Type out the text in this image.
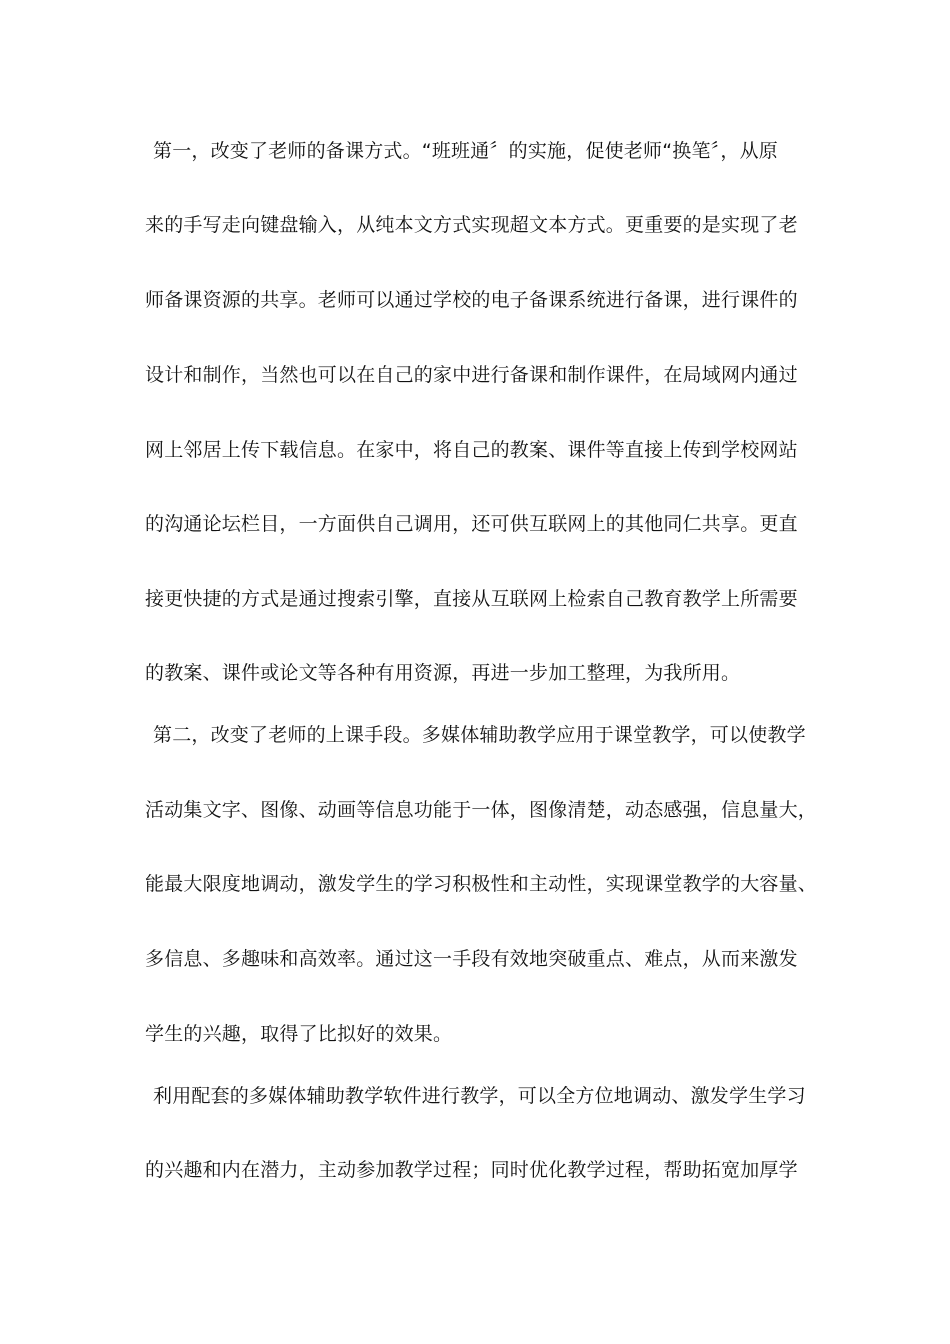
第一，改变了老师的备课方式。“班班通〞的实施，促使老师“换笔〞，从原
来的手写走向键盘输入，从纯本文方式实现超文本方式。更重要的是实现了老
师备课资源的共享。老师可以通过学校的电子备课系统进行备课，进行课件的
设计和制作，当然也可以在自己的家中进行备课和制作课件，在局域网内通过
网上邻居上传下载信息。在家中，将自己的教案、课件等直接上传到学校网站
的沟通论坛栏目，一方面供自己调用，还可供互联网上的其他同仁共享。更直
接更快捷的方式是通过搜索引擎，直接从互联网上检索自己教育教学上所需要
的教案、课件或论文等各种有用资源，再进一步加工整理，为我所用。
第二，改变了老师的上课手段。多媒体辅助教学应用于课堂教学，可以使教学
活动集文字、图像、动画等信息功能于一体，图像清楚，动态感强，信息量大，
能最大限度地调动，激发学生的学习积极性和主动性，实现课堂教学的大容量、
多信息、多趣味和高效率。通过这一手段有效地突破重点、难点，从而来激发
学生的兴趣，取得了比拟好的效果。
利用配套的多媒体辅助教学软件进行教学，可以全方位地调动、激发学生学习
的兴趣和内在潜力，主动参加教学过程；同时优化教学过程，帮助拓宽加厚学
